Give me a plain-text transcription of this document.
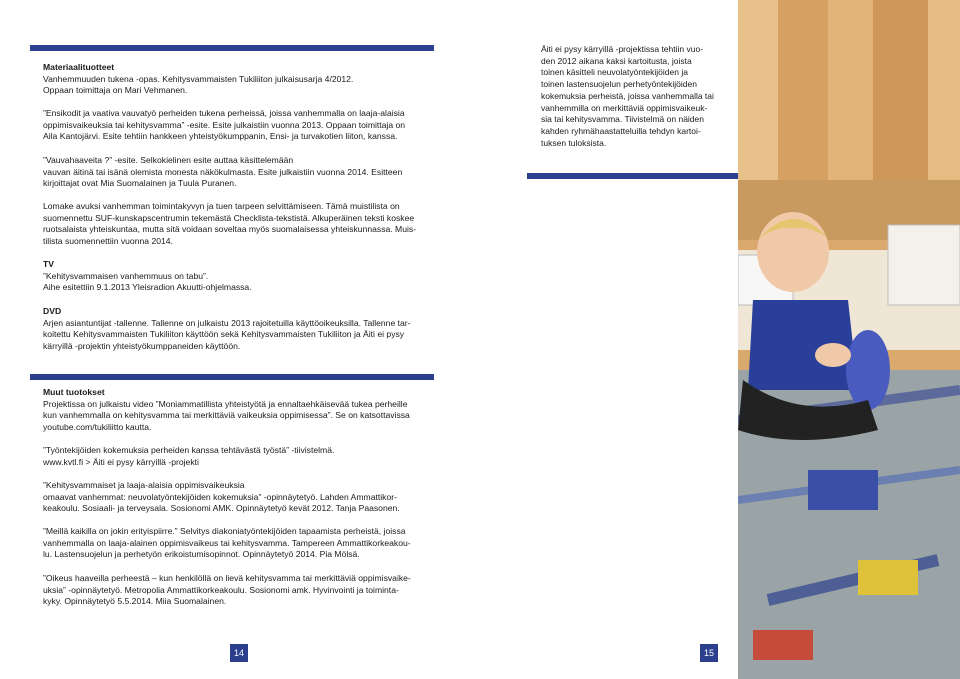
Materiaalituotteet
Vanhemmuuden tukena -opas. Kehitysvammaisten Tukiliiton julkaisusarja 4/2012.
Oppaan toimittaja on Mari Vehmanen.
”Ensikodit ja vaativa vauvatyö perheiden tukena perheissä, joissa vanhemmalla on laaja-alaisia
oppimisvaikeuksia tai kehitysvamma” -esite. Esite julkaistiin vuonna 2013. Oppaan toimittaja on
Aila Kantojärvi. Esite tehtiin hankkeen yhteistyökumppanin, Ensi- ja turvakotien liiton, kanssa.
”Vauvahaaveita ?” -esite. Selkokielinen esite auttaa käsittelemään
vauvan äitinä tai isänä olemista monesta näkökulmasta. Esite julkaistiin vuonna 2014. Esitteen
kirjoittajat ovat Mia Suomalainen ja Tuula Puranen.
Lomake avuksi vanhemman toimintakyvyn ja tuen tarpeen selvittämiseen. Tämä muistilista on
suomennettu SUF-kunskapscentrumin tekemästä Checklista-tekstistä. Alkuperäinen teksti koskee
ruotsalaista yhteiskuntaa, mutta sitä voidaan soveltaa myös suomalaisessa yhteiskunnassa. Muis-
tilista suomennettiin vuonna 2014.
TV
”Kehitysvammaisen vanhemmuus on tabu”.
Aihe esitettiin 9.1.2013 Yleisradion Akuutti-ohjelmassa.
DVD
Arjen asiantuntijat -tallenne. Tallenne on julkaistu 2013 rajoitetuilla käyttöoikeuksilla. Tallenne tar-
koitettu Kehitysvammaisten Tukiliiton käyttöön sekä Kehitysvammaisten Tukiliiton ja Äiti ei pysy
kärryillä -projektin yhteistyökumppaneiden käyttöön.
Muut tuotokset
Projektissa on julkaistu video ”Moniammatillista yhteistyötä ja ennaltaehkäisevää tukea perheille
kun vanhemmalla on kehitysvamma tai merkittäviä vaikeuksia oppimisessa”. Se on katsottavissa
youtube.com/tukiliitto kautta.
”Työntekijöiden kokemuksia perheiden kanssa tehtävästä työstä” -tiivistelmä.
www.kvtl.fi > Äiti ei pysy kärryillä -projekti
”Kehitysvammaiset ja laaja-alaisia oppimisvaikeuksia
omaavat vanhemmat: neuvolatyöntekijöiden kokemuksia” -opinnäytetyö. Lahden Ammattikor-
keakoulu. Sosiaali- ja terveysala. Sosionomi AMK. Opinnäytetyö kevät 2012. Tanja Paasonen.
”Meillä kaikilla on jokin erityispiirre.” Selvitys diakoniatyöntekijöiden tapaamista perheistä, joissa
vanhemmalla on laaja-alainen oppimisvaikeus tai kehitysvamma. Tampereen Ammattikorkeakou-
lu. Lastensuojelun ja perhetyön erikoistumisopinnot. Opinnäytetyö 2014. Pia Mölsä.
”Oikeus haaveilla perheestä – kun henkilöllä on lievä kehitysvamma tai merkittäviä oppimisvaike-
uksia” -opinnäytetyö. Metropolia Ammattikorkeakoulu. Sosionomi amk. Hyvinvointi ja toiminta-
kyky. Opinnäytetyö 5.5.2014. Miia Suomalainen.
14
Äiti ei pysy kärryillä -projektissa tehtiin vuo-
den 2012 aikana kaksi kartoitusta, joista
toinen käsitteli neuvolatyöntekijöiden ja
toinen lastensuojelun perhetyöntekijöiden
kokemuksia perheistä, joissa vanhemmalla tai
vanhemmilla on merkittäviä oppimisvaikeuk-
sia tai kehitysvamma. Tiivistelmä on näiden
kahden ryhmähaastatteluilla tehdyn kartoi-
tuksen tuloksista.
15
